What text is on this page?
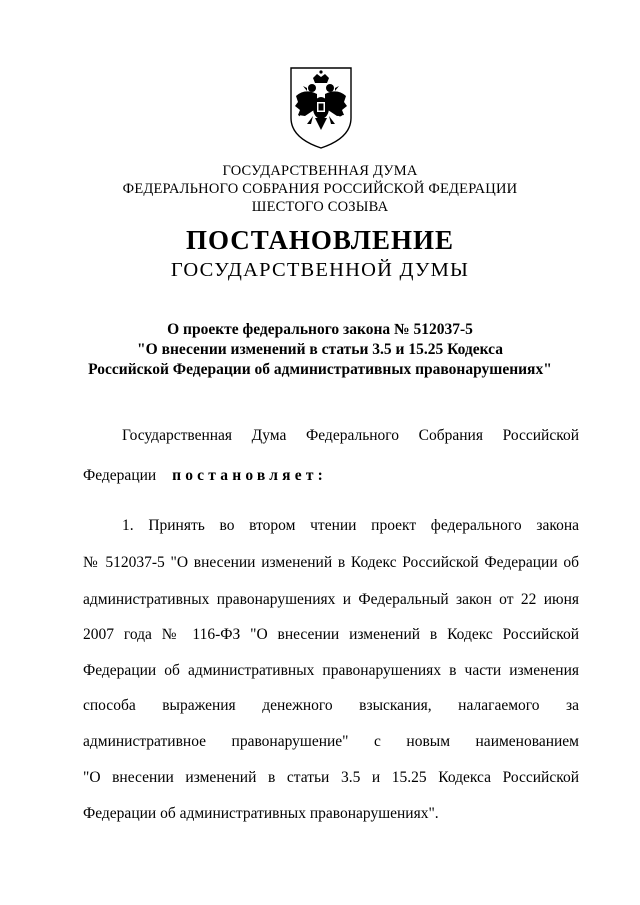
ГОСУДАРСТВЕННАЯ ДУМА
ФЕДЕРАЛЬНОГО СОБРАНИЯ РОССИЙСКОЙ ФЕДЕРАЦИИ
ШЕСТОГО СОЗЫВА
ПОСТАНОВЛЕНИЕ
ГОСУДАРСТВЕННОЙ ДУМЫ
О проекте федерального закона № 512037-5
"О внесении изменений в статьи 3.5 и 15.25 Кодекса
Российской Федерации об административных правонарушениях"
Государственная Дума Федерального Собрания Российской
Федерации постановляет:
1. Принять во втором чтении проект федерального закона
№ 512037-5 "О внесении изменений в Кодекс Российской Федерации об
административных правонарушениях и Федеральный закон от 22 июня
2007 года № 116-ФЗ "О внесении изменений в Кодекс Российской
Федерации об административных правонарушениях в части изменения
способа выражения денежного взыскания, налагаемого за
административное правонарушение" с новым наименованием
"О внесении изменений в статьи 3.5 и 15.25 Кодекса Российской
Федерации об административных правонарушениях".
